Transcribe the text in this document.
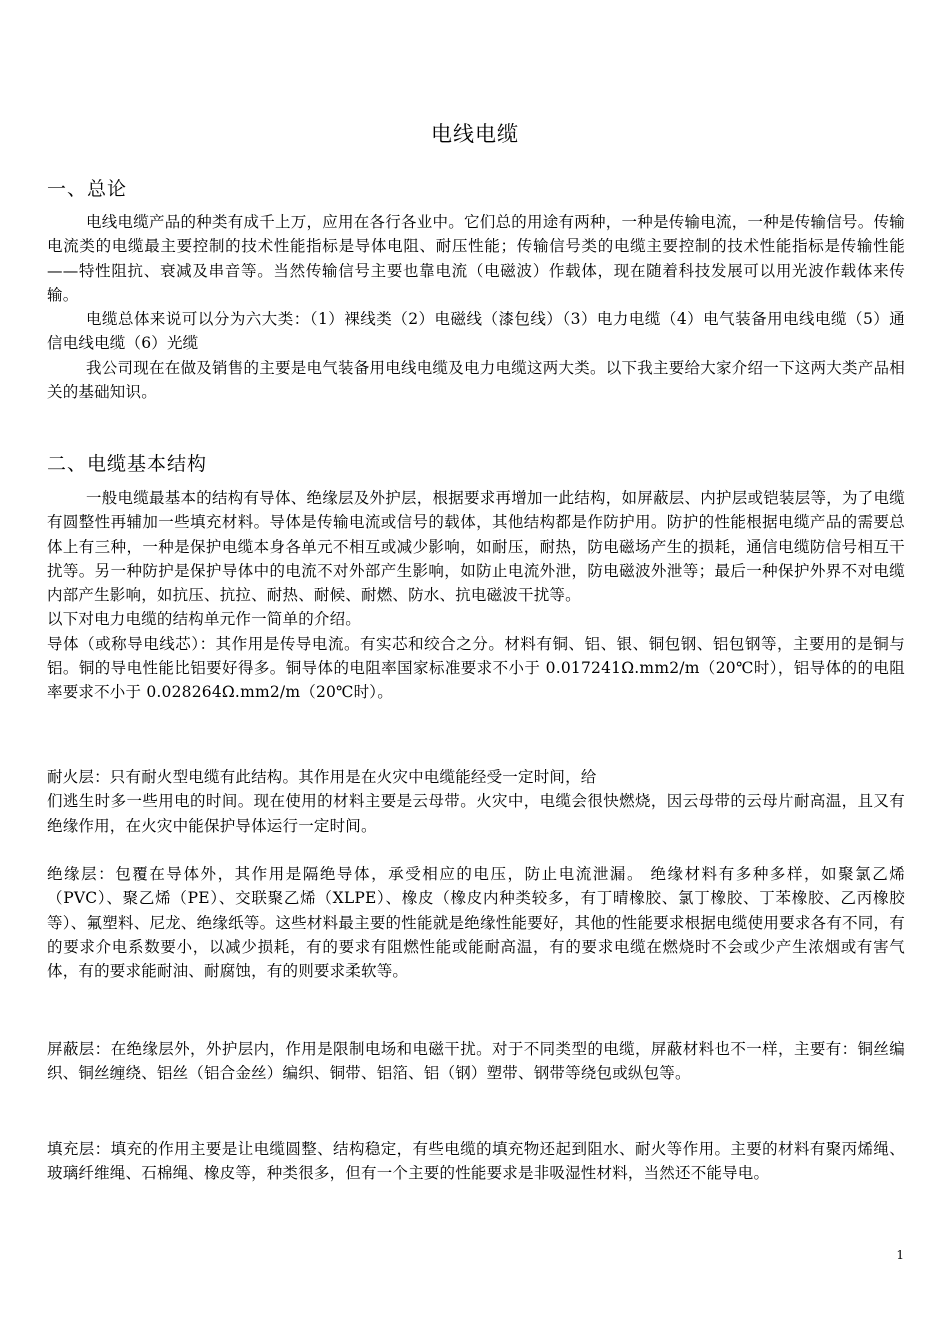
电线电缆
一、总论

电线电缆产品的种类有成千上万，应用在各行各业中。它们总的用途有两种，一种是传输电流，一种是传输信号。传输电流类的电缆最主要控制的技术性能指标是导体电阻、耐压性能；传输信号类的电缆主要控制的技术性能指标是传输性能——特性阻抗、衰减及串音等。当然传输信号主要也靠电流（电磁波）作载体，现在随着科技发展可以用光波作载体来传输。

电缆总体来说可以分为六大类：（1）裸线类（2）电磁线（漆包线）（3）电力电缆（4）电气装备用电线电缆（5）通信电线电缆（6）光缆

我公司现在在做及销售的主要是电气装备用电线电缆及电力电缆这两大类。以下我主要给大家介绍一下这两大类产品相关的基础知识。

二、电缆基本结构

一般电缆最基本的结构有导体、绝缘层及外护层，根据要求再增加一此结构，如屏蔽层、内护层或铠装层等，为了电缆有圆整性再辅加一些填充材料。导体是传输电流或信号的载体，其他结构都是作防护用。防护的性能根据电缆产品的需要总体上有三种，一种是保护电缆本身各单元不相互或减少影响，如耐压，耐热，防电磁场产生的损耗，通信电缆防信号相互干扰等。另一种防护是保护导体中的电流不对外部产生影响，如防止电流外泄，防电磁波外泄等；最后一种保护外界不对电缆内部产生影响，如抗压、抗拉、耐热、耐候、耐燃、防水、抗电磁波干扰等。

以下对电力电缆的结构单元作一简单的介绍。

导体（或称导电线芯）：其作用是传导电流。有实芯和绞合之分。材料有铜、铝、银、铜包钢、铝包钢等，主要用的是铜与铝。铜的导电性能比铝要好得多。铜导体的电阻率国家标准要求不小于 0.017241Ω.mm2/m（20℃时），铝导体的的电阻率要求不小于 0.028264Ω.mm2/m（20℃时）。

耐火层：只有耐火型电缆有此结构。其作用是在火灾中电缆能经受一定时间，给

们逃生时多一些用电的时间。现在使用的材料主要是云母带。火灾中，电缆会很快燃烧，因云母带的云母片耐高温，且又有绝缘作用，在火灾中能保护导体运行一定时间。

绝缘层：包覆在导体外，其作用是隔绝导体，承受相应的电压，防止电流泄漏。 绝缘材料有多种多样，如聚氯乙烯（PVC）、聚乙烯（PE）、交联聚乙烯（XLPE）、橡皮（橡皮内种类较多，有丁晴橡胶、氯丁橡胶、丁苯橡胶、乙丙橡胶等）、氟塑料、尼龙、绝缘纸等。这些材料最主要的性能就是绝缘性能要好，其他的性能要求根据电缆使用要求各有不同，有的要求介电系数要小，以减少损耗，有的要求有阻燃性能或能耐高温，有的要求电缆在燃烧时不会或少产生浓烟或有害气体，有的要求能耐油、耐腐蚀，有的则要求柔软等。

屏蔽层：在绝缘层外，外护层内，作用是限制电场和电磁干扰。对于不同类型的电缆，屏蔽材料也不一样，主要有：铜丝编织、铜丝缠绕、铝丝（铝合金丝）编织、铜带、铝箔、铝（钢）塑带、钢带等绕包或纵包等。

填充层：填充的作用主要是让电缆圆整、结构稳定，有些电缆的填充物还起到阻水、耐火等作用。主要的材料有聚丙烯绳、玻璃纤维绳、石棉绳、橡皮等，种类很多，但有一个主要的性能要求是非吸湿性材料，当然还不能导电。

1
